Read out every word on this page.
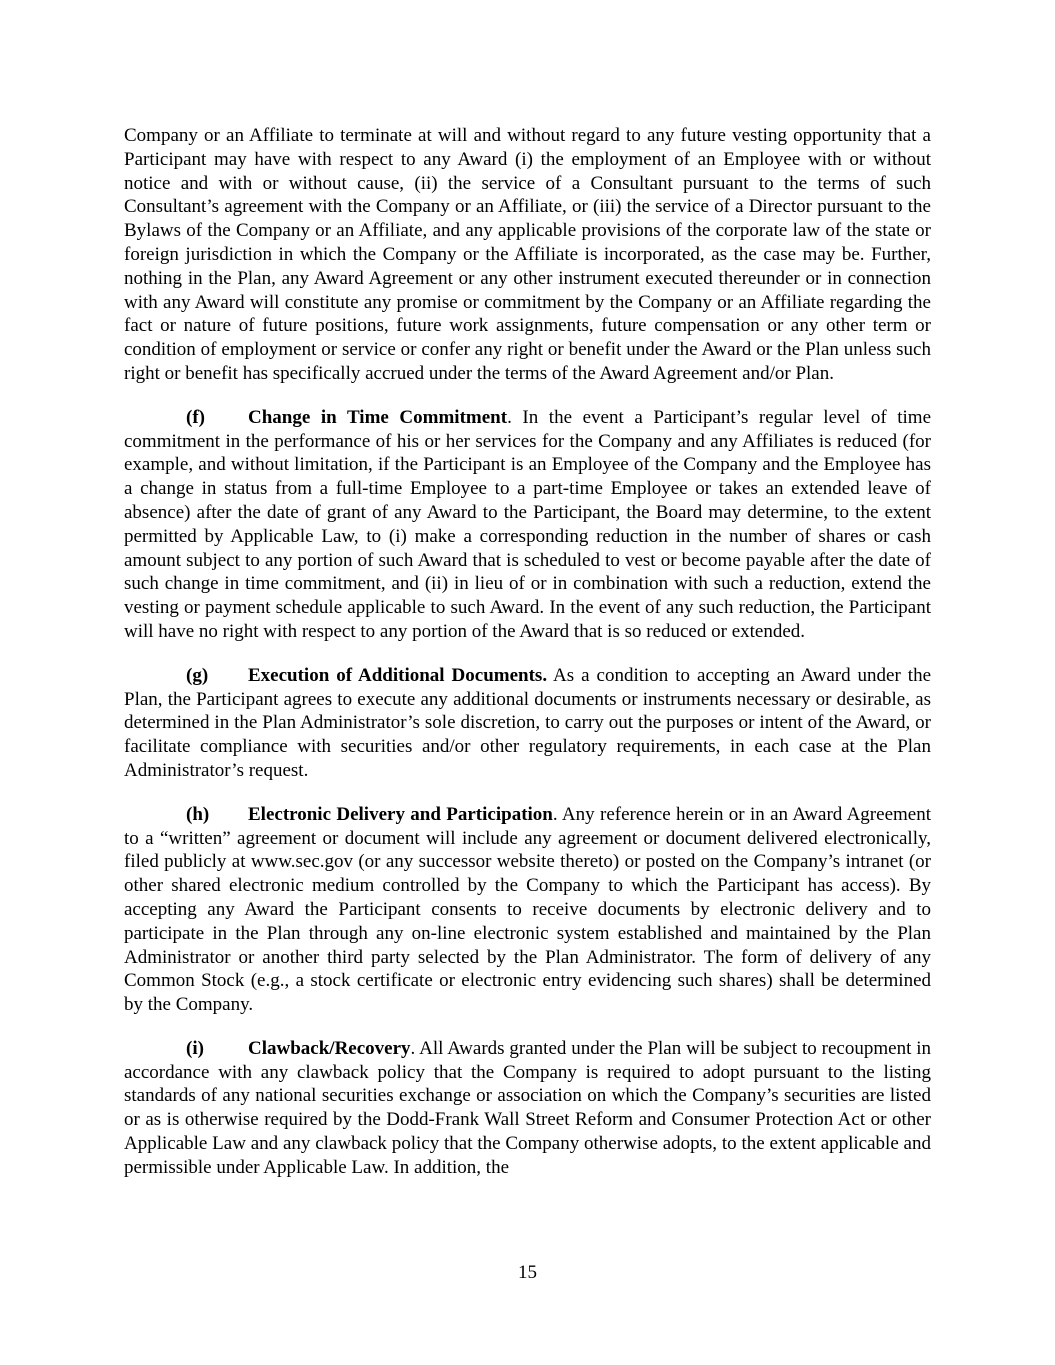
Company or an Affiliate to terminate at will and without regard to any future vesting opportunity that a Participant may have with respect to any Award (i) the employment of an Employee with or without notice and with or without cause, (ii) the service of a Consultant pursuant to the terms of such Consultant’s agreement with the Company or an Affiliate, or (iii) the service of a Director pursuant to the Bylaws of the Company or an Affiliate, and any applicable provisions of the corporate law of the state or foreign jurisdiction in which the Company or the Affiliate is incorporated, as the case may be. Further, nothing in the Plan, any Award Agreement or any other instrument executed thereunder or in connection with any Award will constitute any promise or commitment by the Company or an Affiliate regarding the fact or nature of future positions, future work assignments, future compensation or any other term or condition of employment or service or confer any right or benefit under the Award or the Plan unless such right or benefit has specifically accrued under the terms of the Award Agreement and/or Plan.

(f) Change in Time Commitment. In the event a Participant’s regular level of time commitment in the performance of his or her services for the Company and any Affiliates is reduced (for example, and without limitation, if the Participant is an Employee of the Company and the Employee has a change in status from a full-time Employee to a part-time Employee or takes an extended leave of absence) after the date of grant of any Award to the Participant, the Board may determine, to the extent permitted by Applicable Law, to (i) make a corresponding reduction in the number of shares or cash amount subject to any portion of such Award that is scheduled to vest or become payable after the date of such change in time commitment, and (ii) in lieu of or in combination with such a reduction, extend the vesting or payment schedule applicable to such Award. In the event of any such reduction, the Participant will have no right with respect to any portion of the Award that is so reduced or extended.

(g) Execution of Additional Documents. As a condition to accepting an Award under the Plan, the Participant agrees to execute any additional documents or instruments necessary or desirable, as determined in the Plan Administrator’s sole discretion, to carry out the purposes or intent of the Award, or facilitate compliance with securities and/or other regulatory requirements, in each case at the Plan Administrator’s request.

(h) Electronic Delivery and Participation. Any reference herein or in an Award Agreement to a “written” agreement or document will include any agreement or document delivered electronically, filed publicly at www.sec.gov (or any successor website thereto) or posted on the Company’s intranet (or other shared electronic medium controlled by the Company to which the Participant has access). By accepting any Award the Participant consents to receive documents by electronic delivery and to participate in the Plan through any on-line electronic system established and maintained by the Plan Administrator or another third party selected by the Plan Administrator. The form of delivery of any Common Stock (e.g., a stock certificate or electronic entry evidencing such shares) shall be determined by the Company.

(i) Clawback/Recovery. All Awards granted under the Plan will be subject to recoupment in accordance with any clawback policy that the Company is required to adopt pursuant to the listing standards of any national securities exchange or association on which the Company’s securities are listed or as is otherwise required by the Dodd-Frank Wall Street Reform and Consumer Protection Act or other Applicable Law and any clawback policy that the Company otherwise adopts, to the extent applicable and permissible under Applicable Law. In addition, the

15
